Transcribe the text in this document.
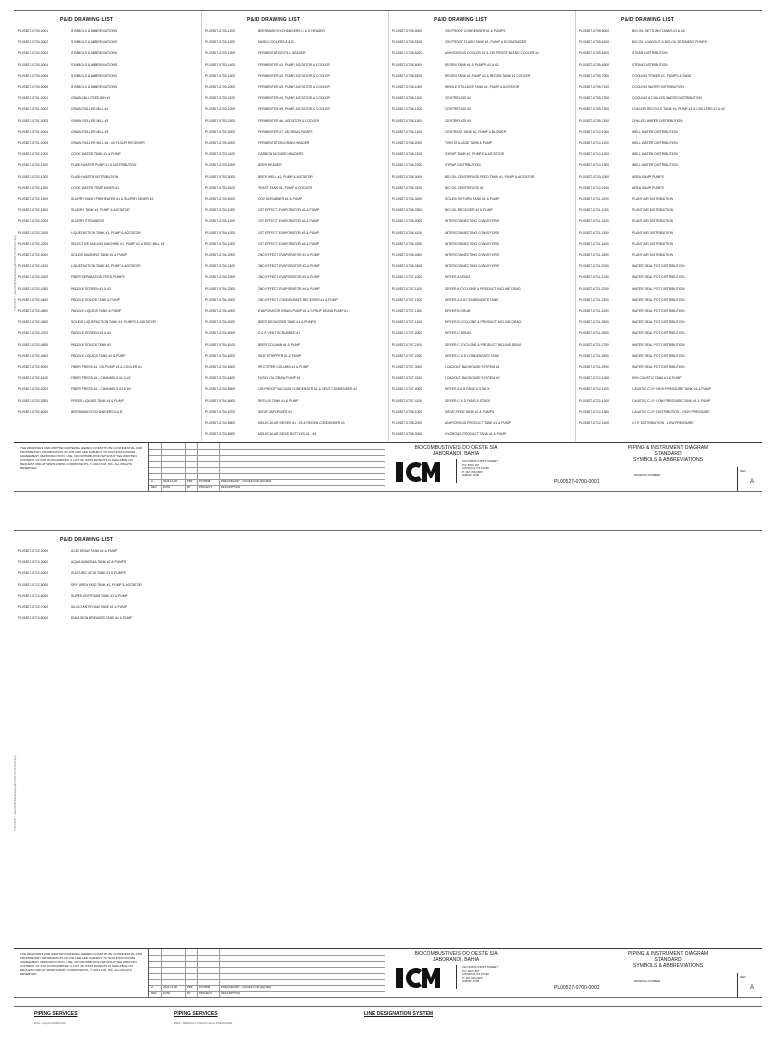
C:\PL00527 - Jaborandi\P&ID\Drawings\PL00527-0700-0001.dwg
P&ID DRAWING LIST
PL00527-0700-0001	SYMBOLS & ABBREVIATIONS
PL00527-0700-0002	SYMBOLS & ABBREVIATIONS
PL00527-0700-0003	SYMBOLS & ABBREVIATIONS
PL00527-0700-0004	SYMBOLS & ABBREVIATIONS
PL00527-0700-0005	SYMBOLS & ABBREVIATIONS
PL00527-0700-0006	SYMBOLS & ABBREVIATIONS
PL00527-0701-0001	GRAIN MILL FEED BIN #1
PL00527-0701-0002	GRAIN ROLLER MILL #1
PL00527-0701-0003	GRAIN ROLLER MILL #2
PL00527-0701-0004	GRAIN ROLLER MILL #3
PL00527-0701-0005	GRAIN ROLLER MILL #4 - #5 FLOUR RECEIVER
PL00527-0702-1000	COOK WATER TANK #1 & PUMP
PL00527-0702-1100	FLASH WATER PUMP #1 & DISTRIBUTION
PL00527-0702-1200	FLASH WATER DISTRIBUTION
PL00527-0702-1300	COOK WATER TEMP MIXER #1
PL00527-0702-1400	SLURRY MASH PREHEATER #1 & SLURRY MIXER #1
PL00527-0702-1500	SLURRY TANK #1, PUMP & AGITATOR
PL00527-0702-2000	SLURRY STRAINERS
PL00527-0702-2100	LIQUEFACTION TANK #1, PUMP & AGITATOR
PL00527-0702-2200	SELECTIVE MILLING MACHINE #1, PUMP #1 & DISC MILL #1
PL00527-0702-4000	SOLIDS MASHING TANK #1 & PUMP
PL00527-0702-4100	LIQUEFACTION TANK #2, PUMP & AGITATOR
PL00527-0702-4200	FIBER SEPARATION FEED PUMPS
PL00527-0702-4300	PADDLE SCREEN #1 & #2
PL00527-0702-4400	PADDLE SOLIDS TANK & PUMP
PL00527-0702-4500	PADDLE LIQUIDS TANK & PUMP
PL00527-0702-4600	SOLIDS LIQUEFACTION TANK #1, PUMPS & AGITATOR
PL00527-0702-4700	PADDLE SCREEN #3 & #4
PL00527-0702-4800	PADDLE SOLIDS TANK #2
PL00527-0702-4900	PADDLE LIQUIDS TANK #2 & PUMP
PL00527-0702-5000	FIBER PRESS #1, OIL PUMP #1 & COOLER #1
PL00527-0702-5100	FIBER PRESS #1 - CHANNELS #1 & #2
PL00527-0702-5200	FIBER PRESS #1 - CHANNELS #3 & #4
PL00527-0702-5300	PRESS LIQUIDS TANK #1 & PUMP
PL00527-0702-6000	BEERMASH EXCHANGERS A & B
P&ID DRAWING LIST
PL00527-0703-1100	BEERMASH EXCHANGERS C & D HEADER
PL00527-0703-1200	MASH COOLERS A & B
PL00527-0703-1300	FERMENTATION FILL HEADER
PL00527-0703-1400	FERMENTER #1, PUMP, AGITATOR & COOLER
PL00527-0703-1500	FERMENTER #2, PUMP, AGITATOR & COOLER
PL00527-0703-2000	FERMENTER #3, PUMP, AGITATOR & COOLER
PL00527-0703-2100	FERMENTER #4, PUMP, AGITATOR & COOLER
PL00527-0703-2200	FERMENTER #5, PUMP, AGITATOR & COOLER
PL00527-0703-2300	FERMENTER #6, AGITATOR & COOLER
PL00527-0703-3000	FERMENTER #7, #8 DRAIN PUMPS
PL00527-0703-4000	FERMENTATION DRAIN HEADER
PL00527-0703-4100	CARBON DIOXIDE HEADERS
PL00527-0703-4200	BEER HEADER
PL00527-0703-5000	BEER WELL #1, PUMP & AGITATOR
PL00527-0703-5100	YEAST TANK #1, PUMP & COOLER
PL00527-0703-6000	CO2 SCRUBBER #1 & PUMP
PL00527-0704-1000	1ST EFFECT EVAPORATOR #1 & PUMP
PL00527-0704-1100	1ST EFFECT EVAPORATOR #2 & PUMP
PL00527-0704-1200	1ST EFFECT EVAPORATOR #3 & PUMP
PL00527-0704-1300	1ST EFFECT EVAPORATOR #4 & PUMP
PL00527-0704-2000	2ND EFFECT EVAPORATOR #1 & PUMP
PL00527-0704-2100	2ND EFFECT EVAPORATOR #2 & PUMP
PL00527-0704-2200	2ND EFFECT EVAPORATOR #3 & PUMP
PL00527-0704-2300	2ND EFFECT EVAPORATOR #4 & PUMP
PL00527-0704-3000	2ND EFFECT CONDENSATE RECEIVER #1 & PUMP
PL00527-0704-4000	EVAPORATOR DRAIN PUMP #1 & SYRUP DRAIN PUMP #1
PL00527-0704-5000	BEER DEGASSER TANK #1 & PUMPS
PL00527-0704-6000	D & E VENT SCRUBBER #1
PL00527-0704-6100	BEER COLUMN #1 & PUMP
PL00527-0704-6200	SIDE STRIPPER #1 & PUMP
PL00527-0704-6300	RECTIFIER COLUMN #1 & PUMP
PL00527-0704-6400	FUSEL OIL DRAW PUMP #1
PL00527-0704-6500	190 PROOF VACUUM CONDENSER #1 & VENT CONDENSER #1
PL00527-0704-6600	REFLUX TANK #1 & PUMP
PL00527-0704-6700	SIEVE VAPORIZER #1
PL00527-0704-6800	MOLECULAR SIEVES #1 - #3 & REGEN CONDENSER #1
PL00527-0704-6900	MOLECULAR SIEVE BOTTLES #1 - #3
P&ID DRAWING LIST
PL00527-0705-5000	200 PROOF CONDENSER #1 & PUMPS
PL00527-0705-5100	200 PROOF FLASH TANK #1, PUMP & ECONOMIZER
PL00527-0705-5200	ANHYDROUS COOLER #1 & 190 PROOF BLEND COOLER #1
PL00527-0705-6000	REGEN TANK #1 & PUMPS #1 & #2
PL00527-0705-6100	REGEN TANK #1 PUMP #2 & REGEN TANK #1 COOLER
PL00527-0706-1000	WHOLE STILLAGE TANK #1, PUMP & AGITATOR
PL00527-0706-1100	CENTRIFUGE #1
PL00527-0706-1200	CENTRIFUGE #2
PL00527-0706-1300	CENTRIFUGE #3
PL00527-0706-1400	CENTRATE TANK #1, PUMP & BLOWER
PL00527-0706-2000	THIN STILLAGE TANK & PUMP
PL00527-0706-2100	SYRUP TANK #1, PUMPS & AGITATOR
PL00527-0706-2200	SYRUP DISTRIBUTION
PL00527-0706-3000	BIO OIL CENTRIFUGE FEED TANK #1, PUMP & AGITATOR
PL00527-0706-3100	BIO OIL CENTRIFUGE #1
PL00527-0706-3200	SOLIDS RETURN TANK #1 & PUMP
PL00527-0706-3300	BIO OIL RECEIVER #1 & PUMP
PL00527-0706-4000	INTERCONNECTING CONVEYORS
PL00527-0706-4100	INTERCONNECTING CONVEYORS
PL00527-0706-4200	INTERCONNECTING CONVEYORS
PL00527-0706-4300	INTERCONNECTING CONVEYORS
PL00527-0706-4400	INTERCONNECTING CONVEYORS
PL00527-0707-1000	DRYER A DRUM
PL00527-0707-1100	DRYER A CYCLONE & PRODUCT INCLINE DRAG
PL00527-0707-1200	DRYER A & B CONDENSATE TANK
PL00527-0707-1300	DRYER B DRUM
PL00527-0707-1400	DRYER B CYCLONE & PRODUCT INCLINE DRAG
PL00527-0707-2000	DRYER C DRUM
PL00527-0707-2100	DRYER C CYCLONE & PRODUCT INCLINE DRAG
PL00527-0707-2200	DRYER C & D CONDENSATE TANK
PL00527-0707-3000	LOADOUT BAGHOUSE SYSTEM #1
PL00527-0707-3100	LOADOUT BAGHOUSE SYSTEM #2
PL00527-0707-4000	DRYER A & B FANS & STACK
PL00527-0707-4100	DRYER C & D FANS & STACK
PL00527-0708-1000	SIEVE FEED TANK #1 & PUMPS
PL00527-0708-2000	ANHYDROUS PRODUCT TANK #1 & PUMP
PL00527-0708-3000	HYDROUS PRODUCT TANK #1 & PUMP
P&ID DRAWING LIST
PL00527-0709-6000	BIO OIL SETTLING TANKS #1 & #2
PL00527-0709-6100	BIO OIL LOADOUT & BIO OIL SEDIMENT PUMPS
PL00527-0709-6200	STEAM DISTRIBUTION
PL00527-0709-6300	STEAM DISTRIBUTION
PL00527-0709-7000	COOLING TOWER #1, PUMPS & FANS
PL00527-0709-7100	COOLING WATER DISTRIBUTION
PL00527-0709-7200	COOLING & CHILLED WATER DISTRIBUTION
PL00527-0709-7300	CHILLER RECYCLE TANK #1, PUMP #1 & CHILLERS #1 & #2
PL00527-0709-7400	CHILLED WATER DISTRIBUTION
PL00527-0710-1000	WELL WATER DISTRIBUTION
PL00527-0710-1100	WELL WATER DISTRIBUTION
PL00527-0710-1200	WELL WATER DISTRIBUTION
PL00527-0710-1300	WELL WATER DISTRIBUTION
PL00527-0710-2000	AREA SUMP PUMPS
PL00527-0710-2100	AREA SUMP PUMPS
PL00527-0711-1000	PLANT AIR DISTRIBUTION
PL00527-0711-1100	PLANT AIR DISTRIBUTION
PL00527-0711-1200	PLANT AIR DISTRIBUTION
PL00527-0711-1300	PLANT AIR DISTRIBUTION
PL00527-0711-1400	PLANT AIR DISTRIBUTION
PL00527-0711-1500	PLANT AIR DISTRIBUTION
PL00527-0711-2000	WATER SEAL POT DISTRIBUTION
PL00527-0711-2100	WATER SEAL POT DISTRIBUTION
PL00527-0711-2200	WATER SEAL POT DISTRIBUTION
PL00527-0711-2300	WATER SEAL POT DISTRIBUTION
PL00527-0711-2400	WATER SEAL POT DISTRIBUTION
PL00527-0711-2500	WATER SEAL POT DISTRIBUTION
PL00527-0711-2600	WATER SEAL POT DISTRIBUTION
PL00527-0711-2700	WATER SEAL POT DISTRIBUTION
PL00527-0711-2800	WATER SEAL POT DISTRIBUTION
PL00527-0711-2900	WATER SEAL POT DISTRIBUTION
PL00527-0712-1000	50% CAUSTIC TANK #1 & PUMP
PL00527-0712-1100	CAUSTIC C.I.P. HIGH PRESSURE TANK #1 & PUMP
PL00527-0712-1200	CAUSTIC C.I.P. LOW PRESSURE TANK #1 & PUMP
PL00527-0712-1300	CAUSTIC C.I.P. DISTRIBUTION - HIGH PRESSURE
PL00527-0712-1400	C.I.P. DISTRIBUTION - LOW PRESSURE
THE DRAWINGS AND WRITTEN MATERIAL HEREIN CONSTITUTE CONFIDENTIAL AND PROPRIETARY INFORMATION OF ICM AND ARE SUBJECT TO NON-DISCLOSURE AGREEMENT. REPRODUCTION, USE, OR DISTRIBUTION WITHOUT THE WRITTEN CONSENT OF ICM IS PROHIBITED. A LIST OF ICM'S PATENTS IS AVAILABLE ON REQUEST AND AT WWW.ICMINC.COM/PATENTS. © 2024 ICM, INC. ALL RIGHTS RESERVED.
A	2024-11-06	PBF	PL00598	PRELIMINARY - ISSUED FOR REVIEW
REV	DATE	BY	PROJECT	DESCRIPTION
BIOCOMBUSTIVEIS DO OESTE S/A
JABORANDI, BAHIA
310 NORTH FIRST STREET
P.O. BOX 397
COLWICH, KS 67030
P: 316.796.0900
ICMINC.COM
PIPING & INSTRUMENT DIAGRAM
STANDARD
SYMBOLS & ABBREVIATIONS
DRAWING NUMBER
PL00527-0700-0001
REV
A
C:\PL00527 - Jaborandi\P&ID\Drawings\PL00527-0700-0002.dwg
P&ID DRAWING LIST
PL00527-0712-2000	ACID DRAW TANK #1 & PUMP
PL00527-0712-3000	AQUA AMMONIA TANK #1 & PUMPS
PL00527-0712-4000	SULFURIC ACID TANK #1 & PUMPS
PL00527-0712-5000	DRY UREA SKID TANK #1, PUMP & AGITATOR
PL00527-0712-6000	SUPER ANTIFOAM TANK #1 & PUMP
PL00527-0712-7000	SILICO ANTIFOAM TANK #1 & PUMP
PL00527-0712-8000	EMULSION BREAKER TANK #1 & PUMP
THE DRAWINGS AND WRITTEN MATERIAL HEREIN CONSTITUTE CONFIDENTIAL AND PROPRIETARY INFORMATION OF ICM AND ARE SUBJECT TO NON-DISCLOSURE AGREEMENT. REPRODUCTION, USE, OR DISTRIBUTION WITHOUT THE WRITTEN CONSENT OF ICM IS PROHIBITED. A LIST OF ICM'S PATENTS IS AVAILABLE ON REQUEST AND AT WWW.ICMINC.COM/PATENTS. © 2024 ICM, INC. ALL RIGHTS RESERVED.
A	2024-11-06	PBF	PL00598	PRELIMINARY - ISSUED FOR REVIEW
REV	DATE	BY	PROJECT	DESCRIPTION
BIOCOMBUSTIVEIS DO OESTE S/A
JABORANDI, BAHIA
310 NORTH FIRST STREET
P.O. BOX 397
COLWICH, KS 67030
P: 316.796.0900
ICMINC.COM
PIPING & INSTRUMENT DIAGRAM
STANDARD
SYMBOLS & ABBREVIATIONS
DRAWING NUMBER
PL00527-0700-0002
REV
A
PIPING SERVICES	PIPING SERVICES	LINE DESIGNATION SYSTEM
AAA - AQUA AMMONIA	BRH - BREACH STEAM HIGH PRESSURE
